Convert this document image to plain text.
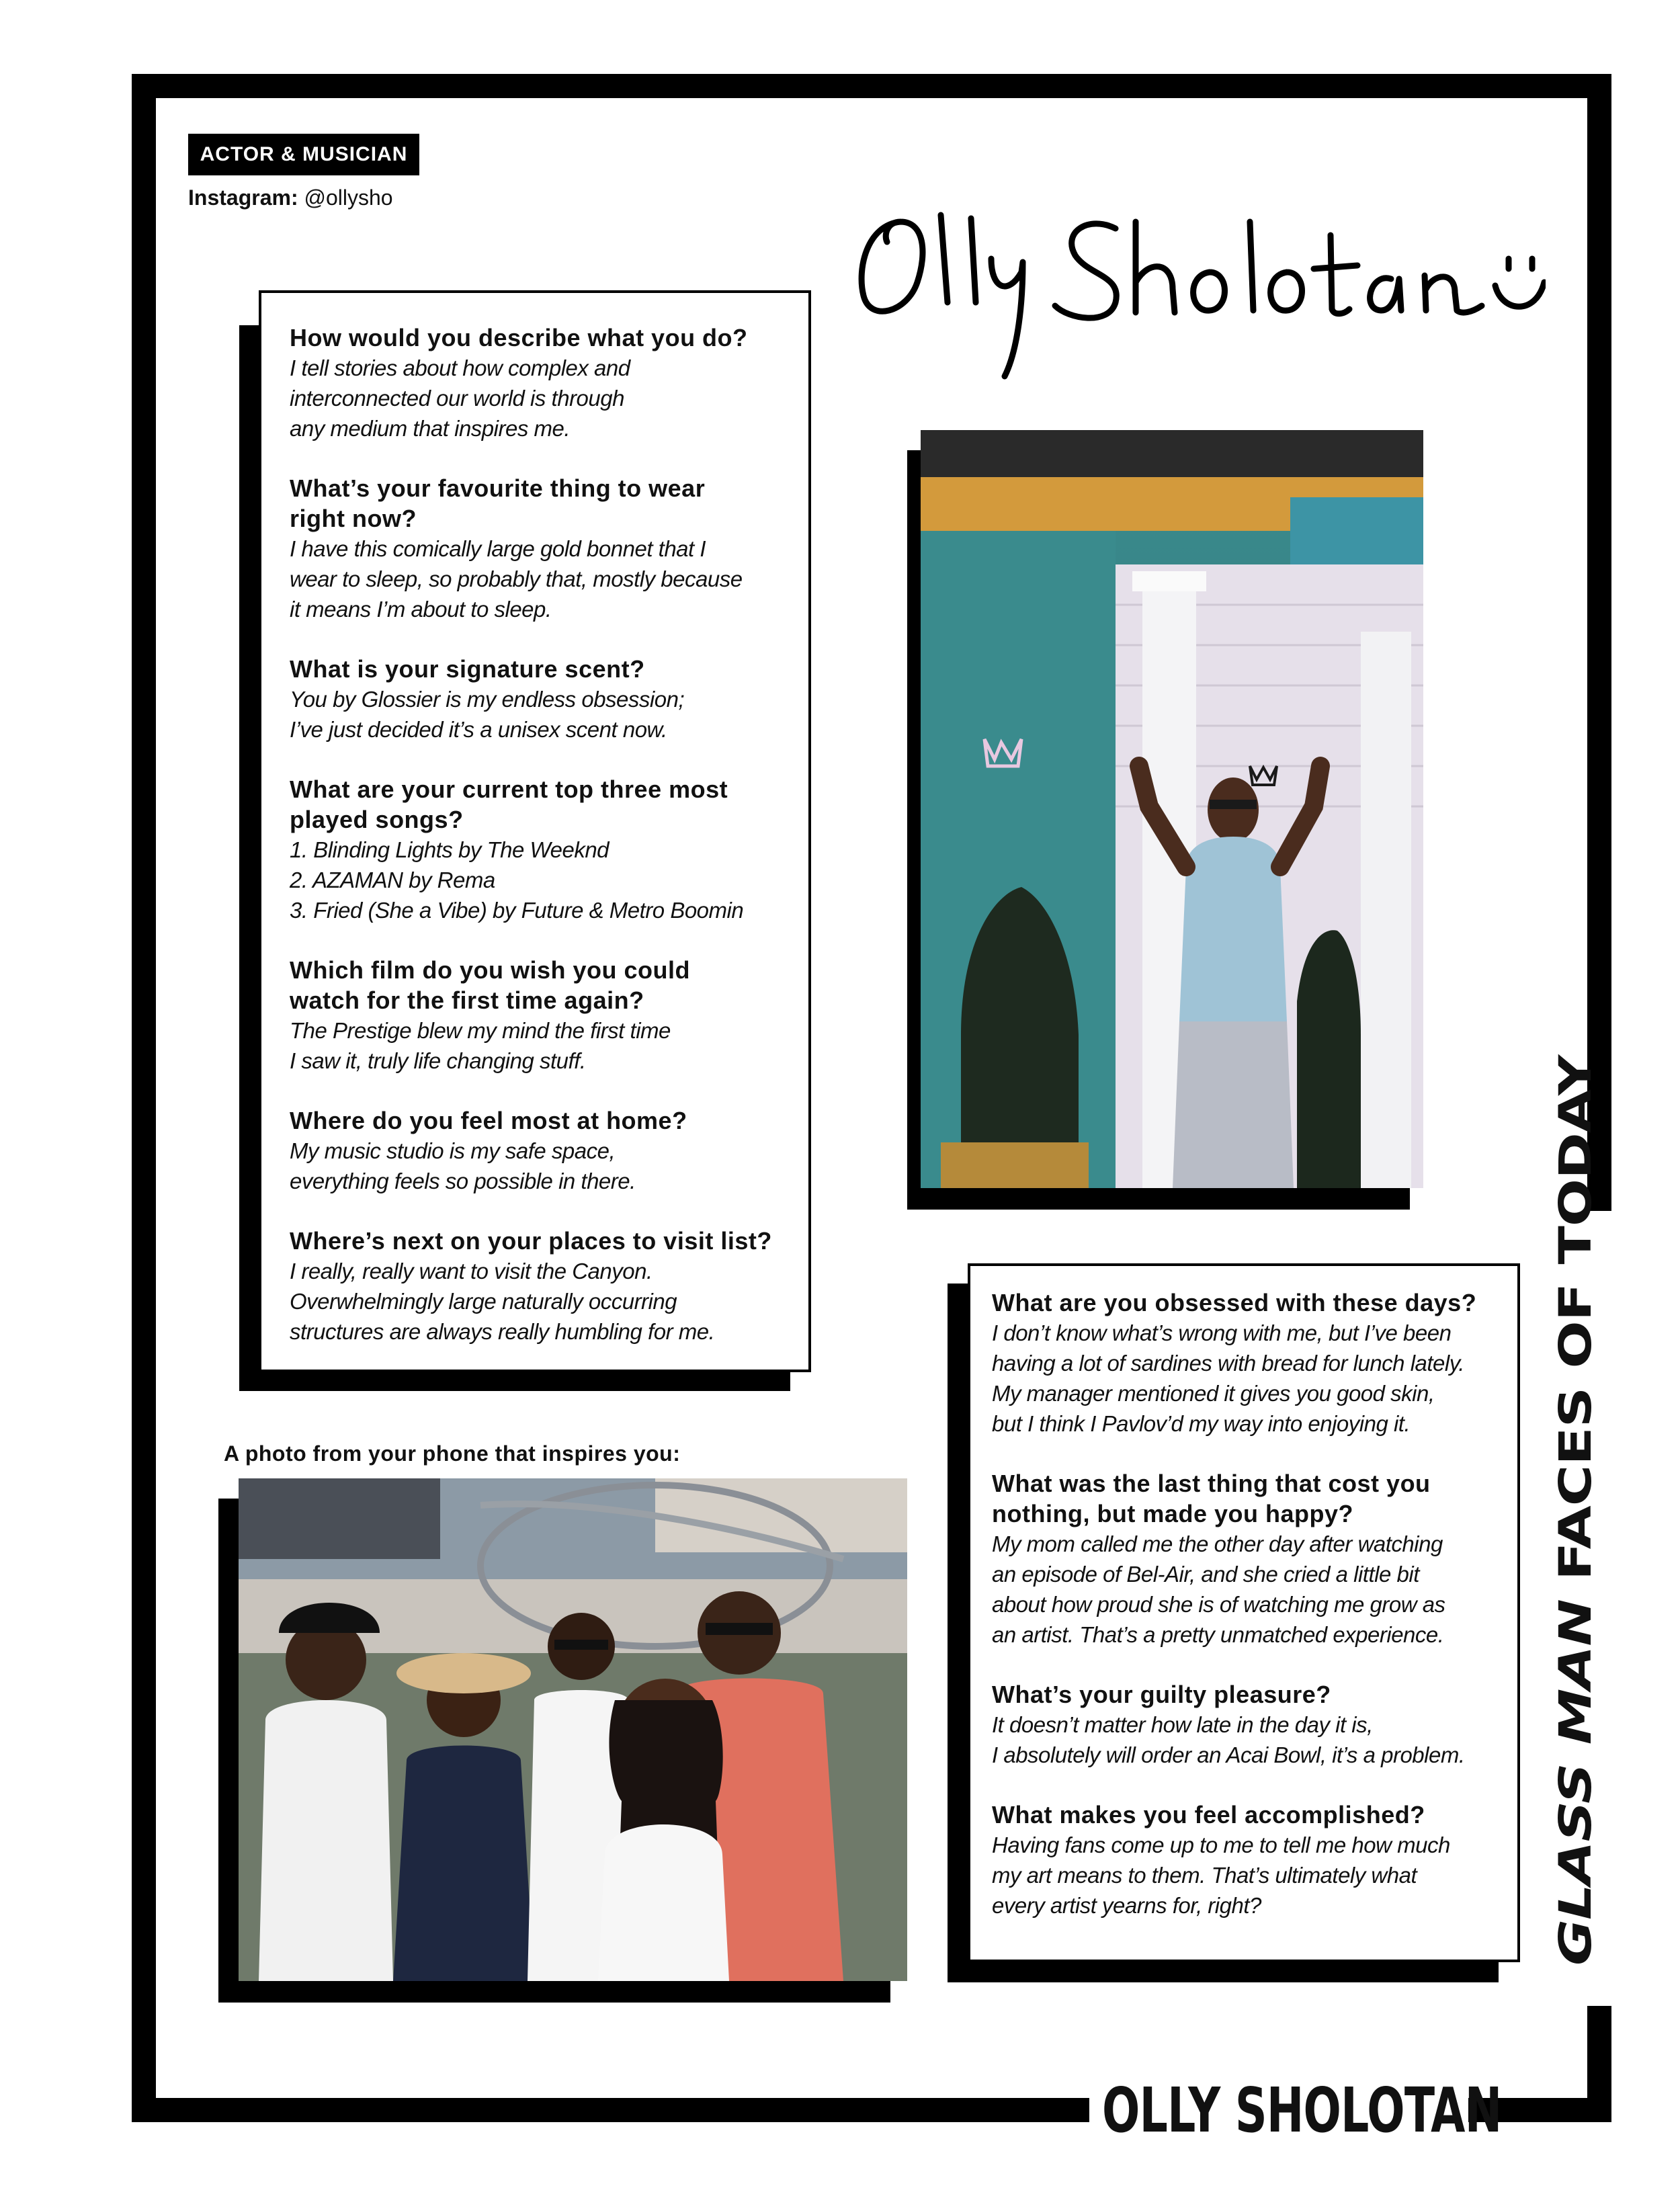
ACTOR & MUSICIAN
Instagram: @ollysho
Olly Sholotan
How would you describe what you do?
I tell stories about how complex and
interconnected our world is through
any medium that inspires me.
What’s your favourite thing to wear
right now?
I have this comically large gold bonnet that I
wear to sleep, so probably that, mostly because
it means I’m about to sleep.
What is your signature scent?
You by Glossier is my endless obsession;
I’ve just decided it’s a unisex scent now.
What are your current top three most
played songs?
1. Blinding Lights by The Weeknd
2. AZAMAN by Rema
3. Fried (She a Vibe) by Future & Metro Boomin
Which film do you wish you could
watch for the first time again?
The Prestige blew my mind the first time
I saw it, truly life changing stuff.
Where do you feel most at home?
My music studio is my safe space,
everything feels so possible in there.
Where’s next on your places to visit list?
I really, really want to visit the Canyon.
Overwhelmingly large naturally occurring
structures are always really humbling for me.
A photo from your phone that inspires you:
What are you obsessed with these days?
I don’t know what’s wrong with me, but I’ve been
having a lot of sardines with bread for lunch lately.
My manager mentioned it gives you good skin,
but I think I Pavlov’d my way into enjoying it.
What was the last thing that cost you
nothing, but made you happy?
My mom called me the other day after watching
an episode of Bel-Air, and she cried a little bit
about how proud she is of watching me grow as
an artist. That’s a pretty unmatched experience.
What’s your guilty pleasure?
It doesn’t matter how late in the day it is,
I absolutely will order an Acai Bowl, it’s a problem.
What makes you feel accomplished?
Having fans come up to me to tell me how much
my art means to them. That’s ultimately what
every artist yearns for, right?	GLASS MAN FACES OF TODAY
OLLY SHOLOTAN
